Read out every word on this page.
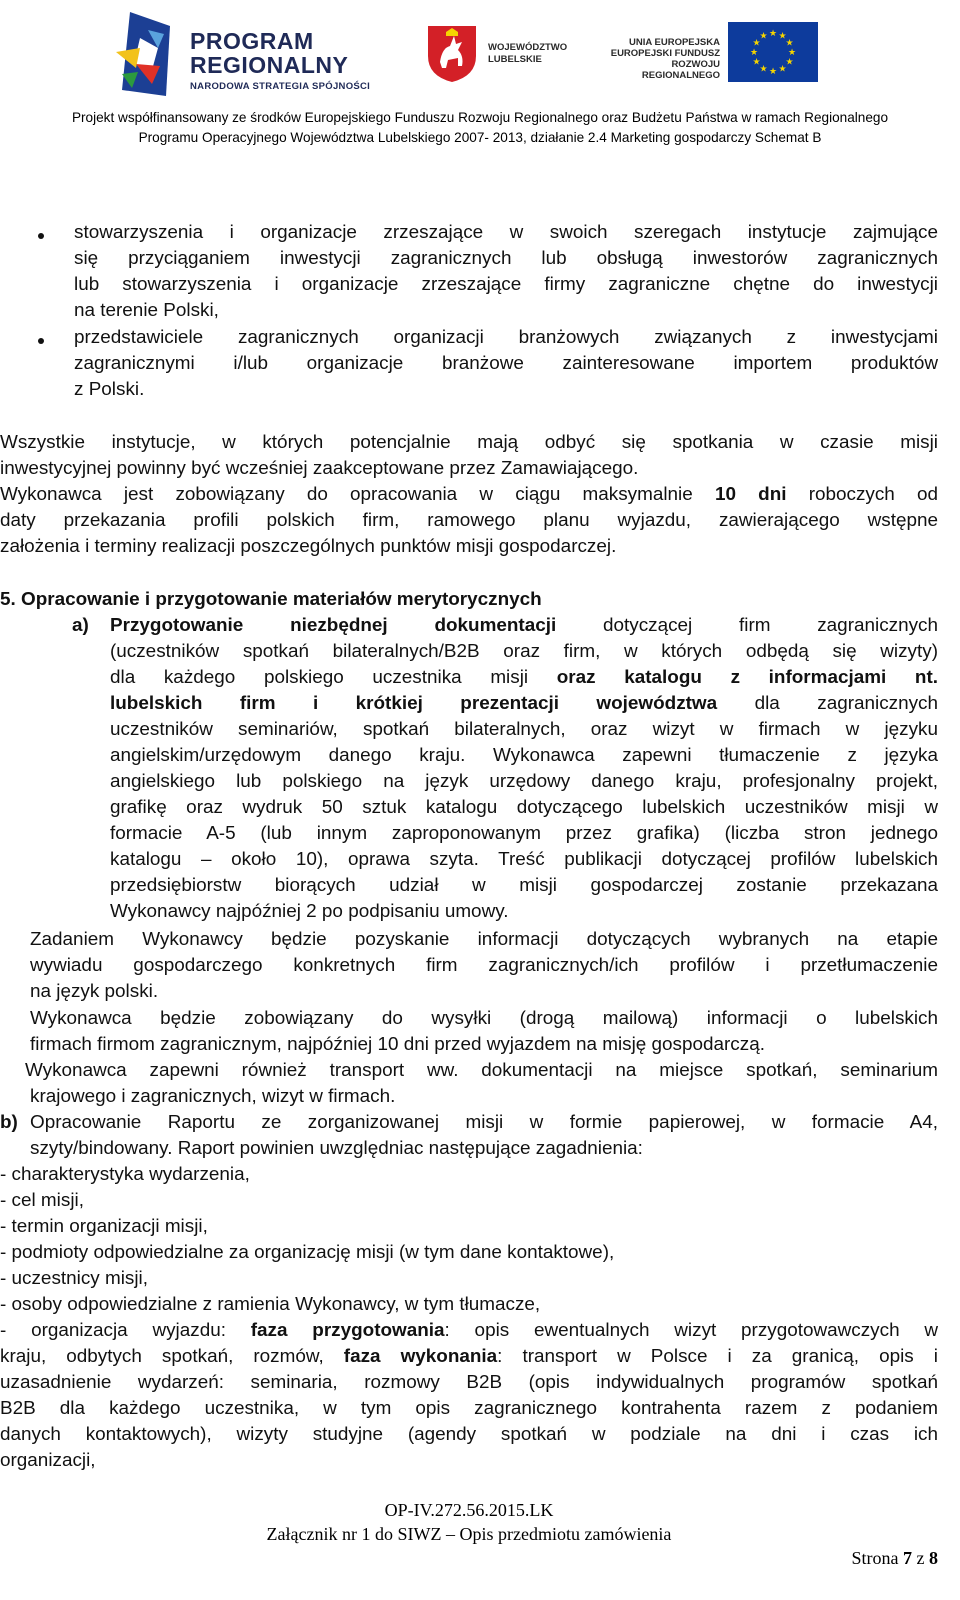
PROGRAM
REGIONALNY
NARODOWA STRATEGIA SPÓJNOŚCI
WOJEWÓDZTWO
LUBELSKIE
UNIA EUROPEJSKA
EUROPEJSKI FUNDUSZ
ROZWOJU REGIONALNEGO
★
★
★
★
★
★
★
★
★ ★ ★
★
Projekt współfinansowany ze środków Europejskiego Funduszu Rozwoju Regionalnego oraz Budżetu Państwa w ramach Regionalnego
Programu Operacyjnego Województwa Lubelskiego 2007- 2013, działanie 2.4 Marketing gospodarczy Schemat B
stowarzyszenia i organizacje zrzeszające w swoich szeregach instytucje zajmujące
się przyciąganiem inwestycji zagranicznych lub obsługą inwestorów zagranicznych
lub stowarzyszenia i organizacje zrzeszające firmy zagraniczne chętne do inwestycji
na terenie Polski,
przedstawiciele zagranicznych organizacji branżowych związanych z inwestycjami
zagranicznymi i/lub organizacje branżowe zainteresowane importem produktów
z Polski.
Wszystkie instytucje, w których potencjalnie mają odbyć się spotkania w czasie misji
inwestycyjnej powinny być wcześniej zaakceptowane przez Zamawiającego.
Wykonawca jest zobowiązany do opracowania w ciągu maksymalnie 10 dni roboczych od
daty przekazania profili polskich firm, ramowego planu wyjazdu, zawierającego wstępne
założenia i terminy realizacji poszczególnych punktów misji gospodarczej.
5. Opracowanie i przygotowanie materiałów merytorycznych
a) Przygotowanie niezbędnej dokumentacji dotyczącej firm zagranicznych
(uczestników spotkań bilateralnych/B2B oraz firm, w których odbędą się wizyty)
dla każdego polskiego uczestnika misji oraz katalogu z informacjami nt.
lubelskich firm i krótkiej prezentacji województwa dla zagranicznych
uczestników seminariów, spotkań bilateralnych, oraz wizyt w firmach w języku
angielskim/urzędowym danego kraju. Wykonawca zapewni tłumaczenie z języka
angielskiego lub polskiego na język urzędowy danego kraju, profesjonalny projekt,
grafikę oraz wydruk 50 sztuk katalogu dotyczącego lubelskich uczestników misji w
formacie A-5 (lub innym zaproponowanym przez grafika) (liczba stron jednego
katalogu – około 10), oprawa szyta. Treść publikacji dotyczącej profilów lubelskich
przedsiębiorstw biorących udział w misji gospodarczej zostanie przekazana
Wykonawcy najpóźniej 2 po podpisaniu umowy.
Zadaniem Wykonawcy będzie pozyskanie informacji dotyczących wybranych na etapie
wywiadu gospodarczego konkretnych firm zagranicznych/ich profilów i przetłumaczenie
na język polski.
Wykonawca będzie zobowiązany do wysyłki (drogą mailową) informacji o lubelskich
firmach firmom zagranicznym, najpóźniej 10 dni przed wyjazdem na misję gospodarczą.
Wykonawca zapewni również transport ww. dokumentacji na miejsce spotkań, seminarium
krajowego i zagranicznych, wizyt w firmach.
b) Opracowanie Raportu ze zorganizowanej misji w formie papierowej, w formacie A4,
szyty/bindowany. Raport powinien uwzględniac następujące zagadnienia:
- charakterystyka wydarzenia,
- cel misji,
- termin organizacji misji,
- podmioty odpowiedzialne za organizację misji (w tym dane kontaktowe),
- uczestnicy misji,
- osoby odpowiedzialne z ramienia Wykonawcy, w tym tłumacze,
- organizacja wyjazdu: faza przygotowania: opis ewentualnych wizyt przygotowawczych w
kraju, odbytych spotkań, rozmów, faza wykonania: transport w Polsce i za granicą, opis i
uzasadnienie wydarzeń: seminaria, rozmowy B2B (opis indywidualnych programów spotkań
B2B dla każdego uczestnika, w tym opis zagranicznego kontrahenta razem z podaniem
danych kontaktowych), wizyty studyjne (agendy spotkań w podziale na dni i czas ich
organizacji,
OP-IV.272.56.2015.LK
Załącznik nr 1 do SIWZ – Opis przedmiotu zamówienia
Strona 7 z 8
